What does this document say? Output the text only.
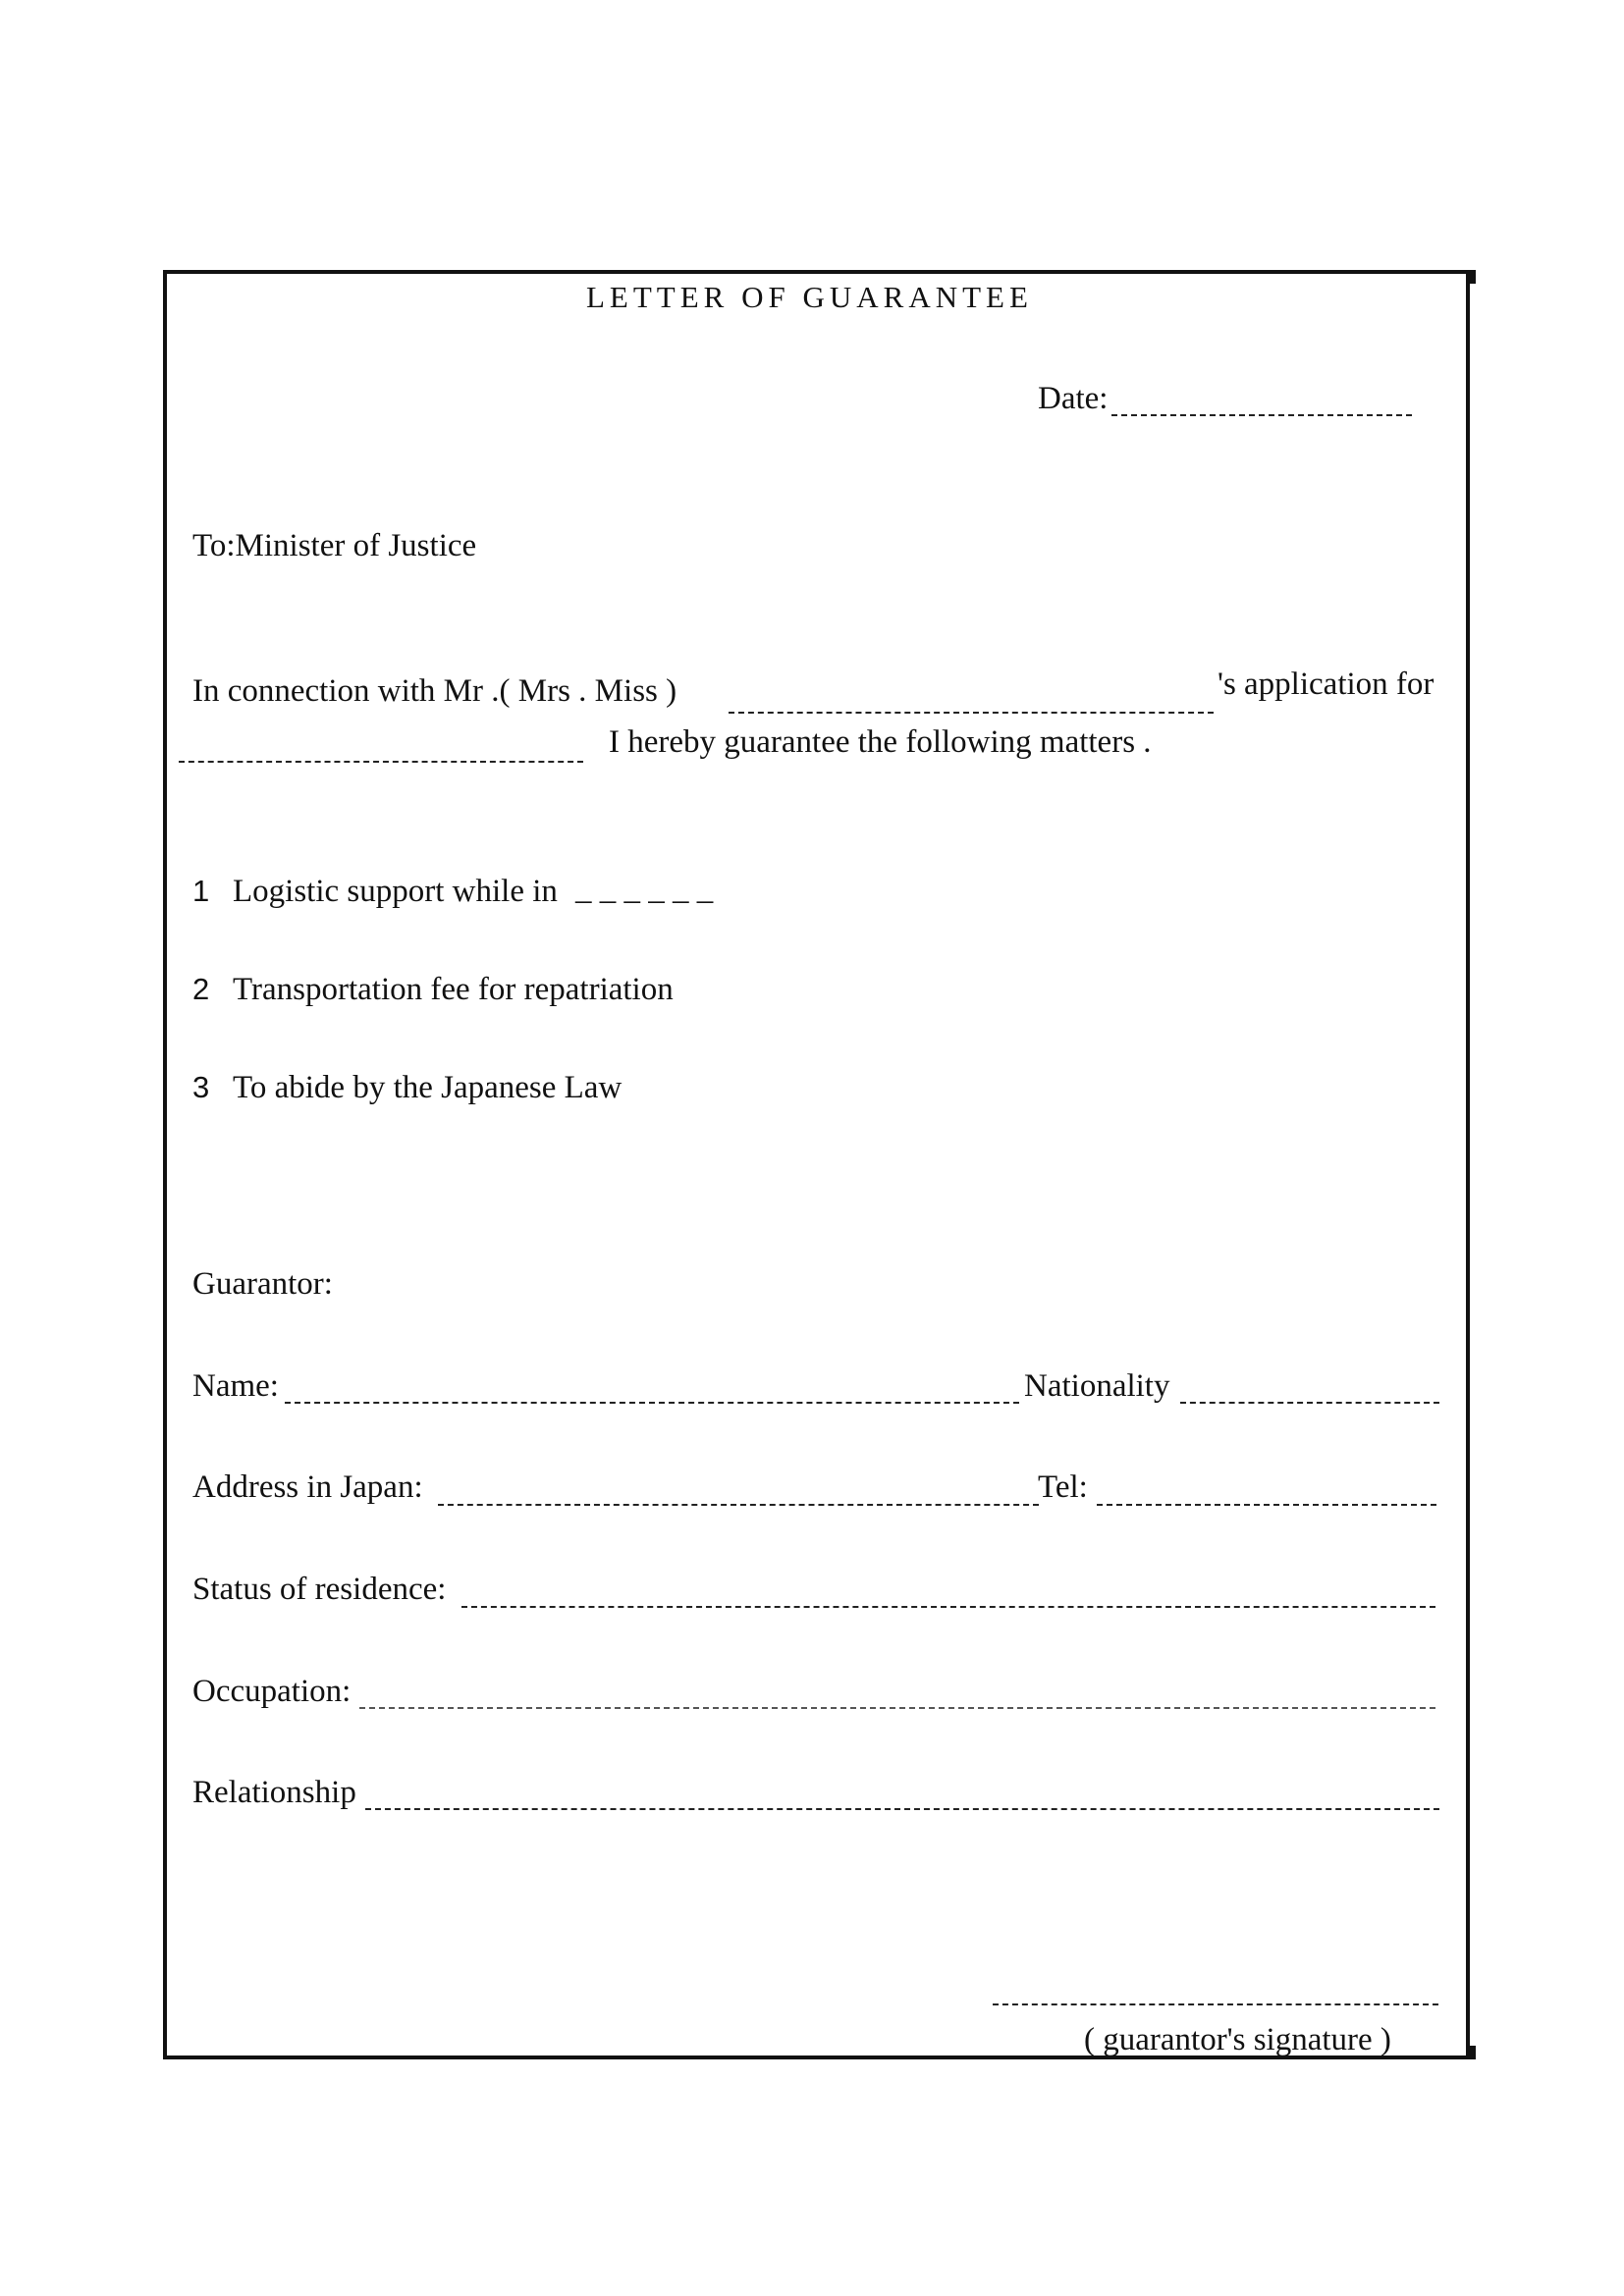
LETTER OF GUARANTEE
Date:
To:Minister of Justice
In connection with Mr .( Mrs . Miss )	's application for
I hereby guarantee the following matters .
1 Logistic support while in _ _ _ _ _ _
2 Transportation fee for repatriation
3 To abide by the Japanese Law
Guarantor:
Name:	Nationality
Address in Japan:	Tel:
Status of residence:
Occupation:
Relationship
( guarantor's signature )
